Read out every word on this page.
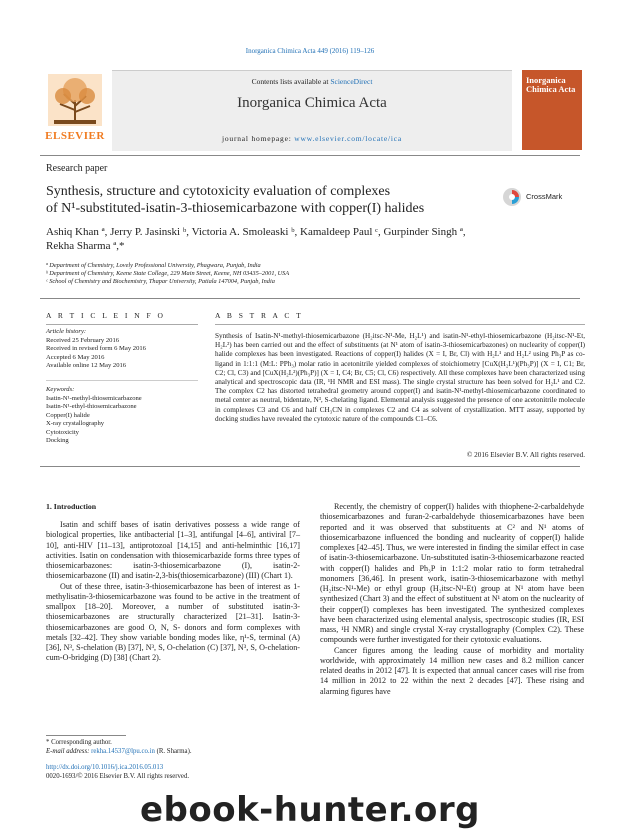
Inorganica Chimica Acta 449 (2016) 119–126
ELSEVIER
Contents lists available at ScienceDirect
Inorganica Chimica Acta
journal homepage: www.elsevier.com/locate/ica
Inorganica
Chimica Acta
Research paper
Synthesis, structure and cytotoxicity evaluation of complexes
of N¹-substituted-isatin-3-thiosemicarbazone with copper(I) halides
CrossMark
Ashiq Khan ª, Jerry P. Jasinski ᵇ, Victoria A. Smoleaski ᵇ, Kamaldeep Paul ᶜ, Gurpinder Singh ª,
Rekha Sharma ª,*
ª Department of Chemistry, Lovely Professional University, Phagwara, Punjab, India
ᵇ Department of Chemistry, Keene State College, 229 Main Street, Keene, NH 03435–2001, USA
ᶜ School of Chemistry and Biochemistry, Thapar University, Patiala 147004, Punjab, India
A R T I C L E I N F O
Article history:
Received 25 February 2016
Received in revised form 6 May 2016
Accepted 6 May 2016
Available online 12 May 2016
Keywords:
Isatin-N¹-methyl-thiosemicarbazone
Isatin-N¹-ethyl-thiosemicarbazone
Copper(I) halide
X-ray crystallography
Cytotoxicity
Docking
A B S T R A C T
Synthesis of Isatin-N¹-methyl-thiosemicarbazone (H₂itsc-N¹-Me, H₂L¹) and isatin-N¹-ethyl-thiosemicarbazone (H₂itsc-N¹-Et, H₂L²) has been carried out and the effect of substituents (at N¹ atom of isatin-3-thiosemicarbazones) on nuclearity of copper(I) halide complexes has been investigated. Reactions of copper(I) halides (X = I, Br, Cl) with H₂L¹ and H₂L² using Ph₃P as co-ligand in 1:1:1 (M:L: PPh₃) molar ratio in acetonitrile yielded complexes of stoichiometry [CuX(H₂L¹)(Ph₃P)] (X = I, C1; Br, C2; Cl, C3) and [CuX(H₂L²)(Ph₃P)] (X = I, C4; Br, C5; Cl, C6) respectively. All these complexes have been characterized using analytical and spectroscopic data (IR, ¹H NMR and ESI mass). The single crystal structure has been solved for H₂L¹ and C2. The complex C2 has distorted tetrahedral geometry around copper(I) and isatin-N¹-methyl-thiosemicarbazone coordinated to metal center as neutral, bidentate, N³, S-chelating ligand. Elemental analysis suggested the presence of one acetonitrile molecule in complexes C3 and C6 and half CH₃CN in complexes C2 and C4 as solvent of crystallization. MTT assay, supported by docking studies have revealed the cytotoxic nature of the compounds C1–C6.
© 2016 Elsevier B.V. All rights reserved.
1. Introduction

Isatin and schiff bases of isatin derivatives possess a wide range of biological properties, like antibacterial [1–3], antifungal [4–6], antiviral [7–10], anti-HIV [11–13], antiprotozoal [14,15] and anti-helminthic [16,17] activities. Isatin on condensation with thiosemicarbazide forms three types of thiosemicarbazones: isatin-3-thiosemicarbazone (I), isatin-2-thiosemicarbazone (II) and isatin-2,3-bis(thiosemicarbazone) (III) (Chart 1).

Out of these three, isatin-3-thiosemicarbazone has been of interest as 1-methylisatin-3-thiosemicarbazone was found to be active in the treatment of smallpox [18–20]. Moreover, a number of substituted isatin-3-thiosemicarbazones are structurally characterized [21–31]. Isatin-3-thiosemicarbazones are good O, N, S- donors and form complexes with metals [32–42]. They show variable bonding modes like, η¹-S, terminal (A) [36], N³, S-chelation (B) [37], N³, S, O-chelation (C) [37], N³, S, O-chelation-cum-O-bridging (D) [38] (Chart 2).

Recently, the chemistry of copper(I) halides with thiophene-2-carbaldehyde thiosemicarbazones and furan-2-carbaldehyde thiosemicarbazones have been reported and it was observed that substituents at C² and N¹ atoms of thiosemicarbazone influenced the bonding and nuclearity of copper(I) halide complexes [42–45]. Thus, we were interested in finding the similar effect in case of isatin-3-thiosemicarbazone. Un-substituted isatin-3-thiosemicarbazone reacted with copper(I) halides and Ph₃P in 1:1:2 molar ratio to form tetrahedral monomers [36,46]. In present work, isatin-3-thiosemicarbazone with methyl (H₂itsc-N¹-Me) or ethyl group (H₂itsc-N¹-Et) group at N¹ atom have been synthesized (Chart 3) and the effect of substituent at N¹ atom on the nuclearity of their copper(I) complexes has been investigated. The synthesized complexes have been characterized using elemental analysis, spectroscopic studies (IR, ESI mass, ¹H NMR) and single crystal X-ray crystallography (Complex C2). These compounds were further investigated for their cytotoxic evaluations.

Cancer figures among the leading cause of morbidity and mortality worldwide, with approximately 14 million new cases and 8.2 million cancer related deaths in 2012 [47]. It is expected that annual cancer cases will rise from 14 million in 2012 to 22 within the next 2 decades [47]. These rising and alarming figures have

* Corresponding author.
E-mail address: rekha.14537@lpu.co.in (R. Sharma).
http://dx.doi.org/10.1016/j.ica.2016.05.013
0020-1693/© 2016 Elsevier B.V. All rights reserved.
ebook-hunter.org
